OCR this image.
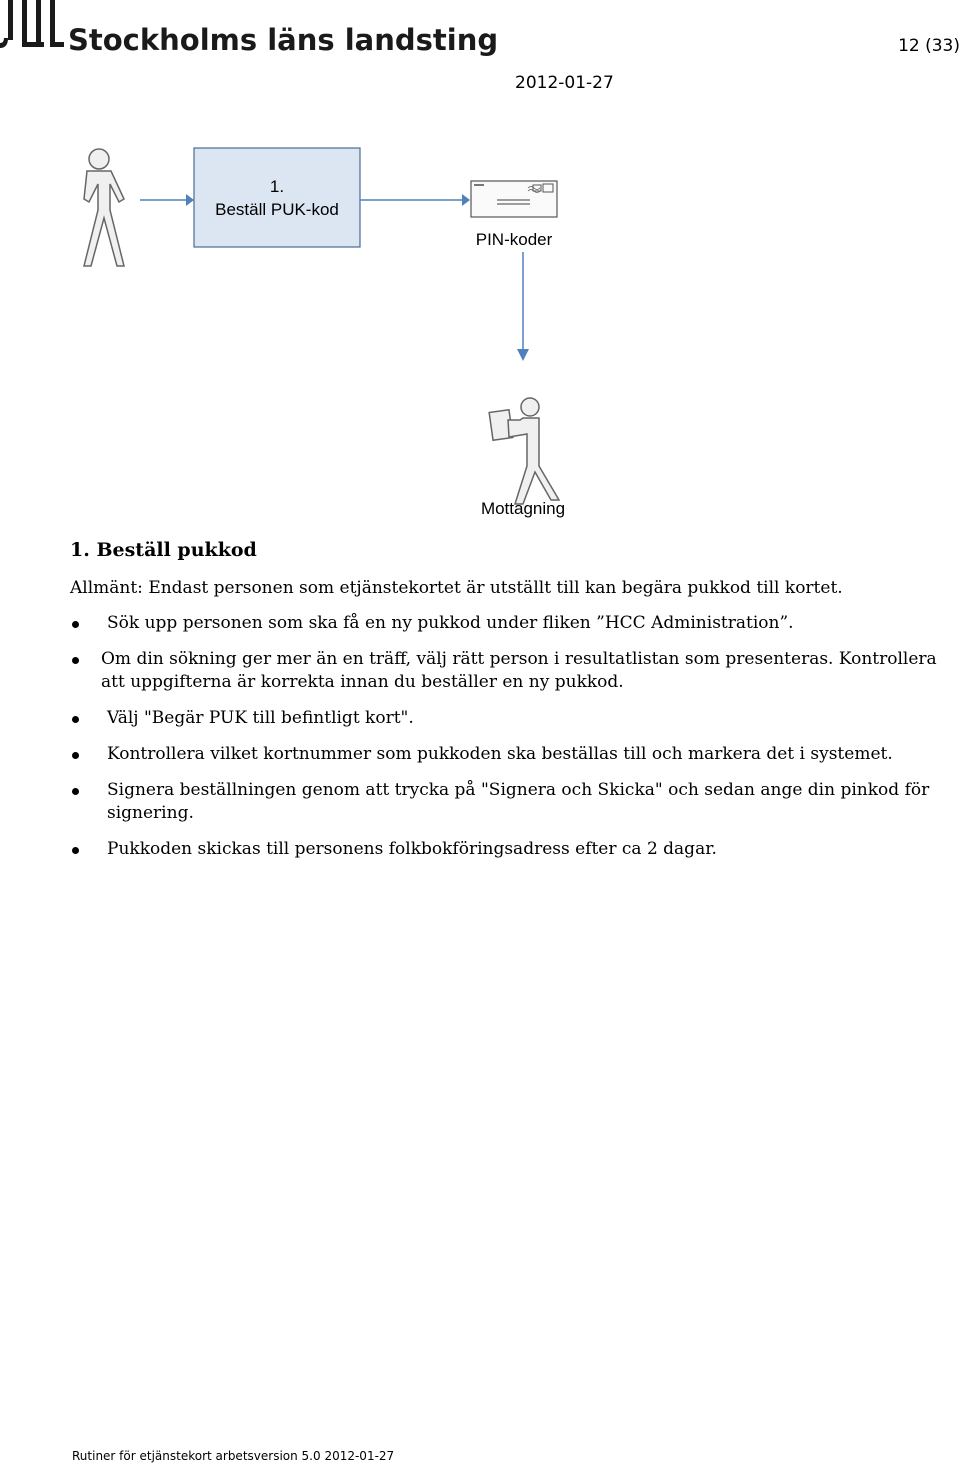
Stockholms läns landsting	12 (33)
2012-01-27
1.
Beställ PUK-kod
PIN-koder
Mottagning
1. Beställ pukkod
Allmänt: Endast personen som etjänstekortet är utställt till kan begära pukkod till kortet.
Sök upp personen som ska få en ny pukkod under fliken ”HCC Administration”.
Om din sökning ger mer än en träff, välj rätt person i resultatlistan som presenteras. Kontrollera att uppgifterna är korrekta innan du beställer en ny pukkod.
Välj "Begär PUK till befintligt kort".
Kontrollera vilket kortnummer som pukkoden ska beställas till och markera det i systemet.
Signera beställningen genom att trycka på "Signera och Skicka" och sedan ange din pinkod för signering.
Pukkoden skickas till personens folkbokföringsadress efter ca 2 dagar.
Rutiner för etjänstekort arbetsversion 5.0 2012-01-27
